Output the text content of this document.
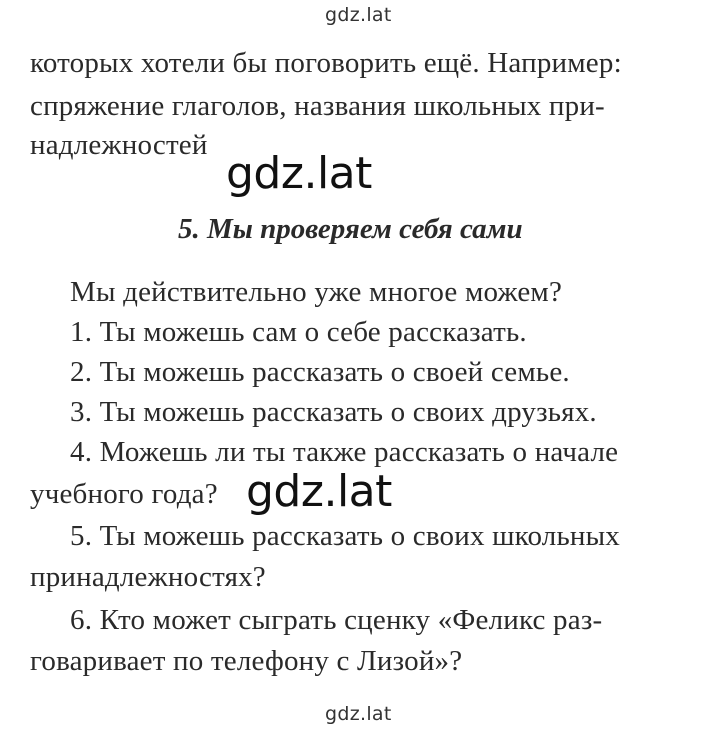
gdz.lat
которых хотели бы поговорить ещё. Например:
спряжение глаголов, названия школьных при-
надлежностей
gdz.lat
5. Мы проверяем себя сами
Мы действительно уже многое можем?
1. Ты можешь сам о себе рассказать.
2. Ты можешь рассказать о своей семье.
3. Ты можешь рассказать о своих друзьях.
4. Можешь ли ты также рассказать о начале
учебного года? gdz.lat
5. Ты можешь рассказать о своих школьных
принадлежностях?
6. Кто может сыграть сценку «Феликс раз-
говаривает по телефону с Лизой»?
gdz.lat
